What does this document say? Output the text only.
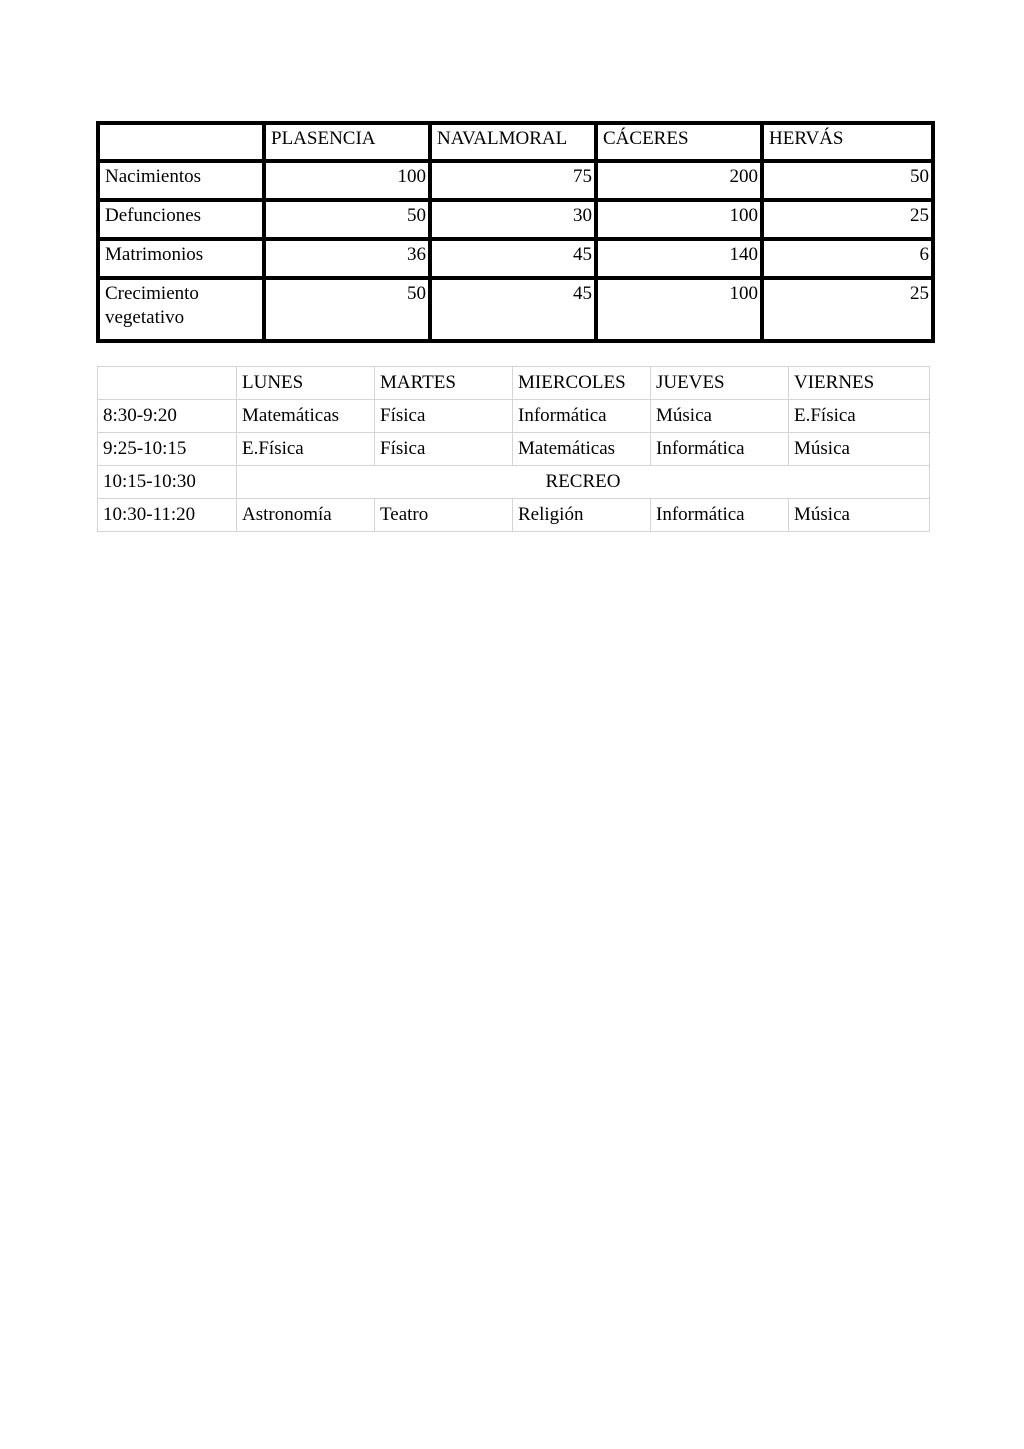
	PLASENCIA	NAVALMORAL	CÁCERES	HERVÁS
Nacimientos	100	75	200	50
Defunciones	50	30	100	25
Matrimonios	36	45	140	6
Crecimiento vegetativo	50	45	100	25
	LUNES	MARTES	MIERCOLES	JUEVES	VIERNES
8:30-9:20	Matemáticas	Física	Informática	Música	E.Física
9:25-10:15	E.Física	Física	Matemáticas	Informática	Música
10:15-10:30	RECREO				
10:30-11:20	Astronomía	Teatro	Religión	Informática	Música
